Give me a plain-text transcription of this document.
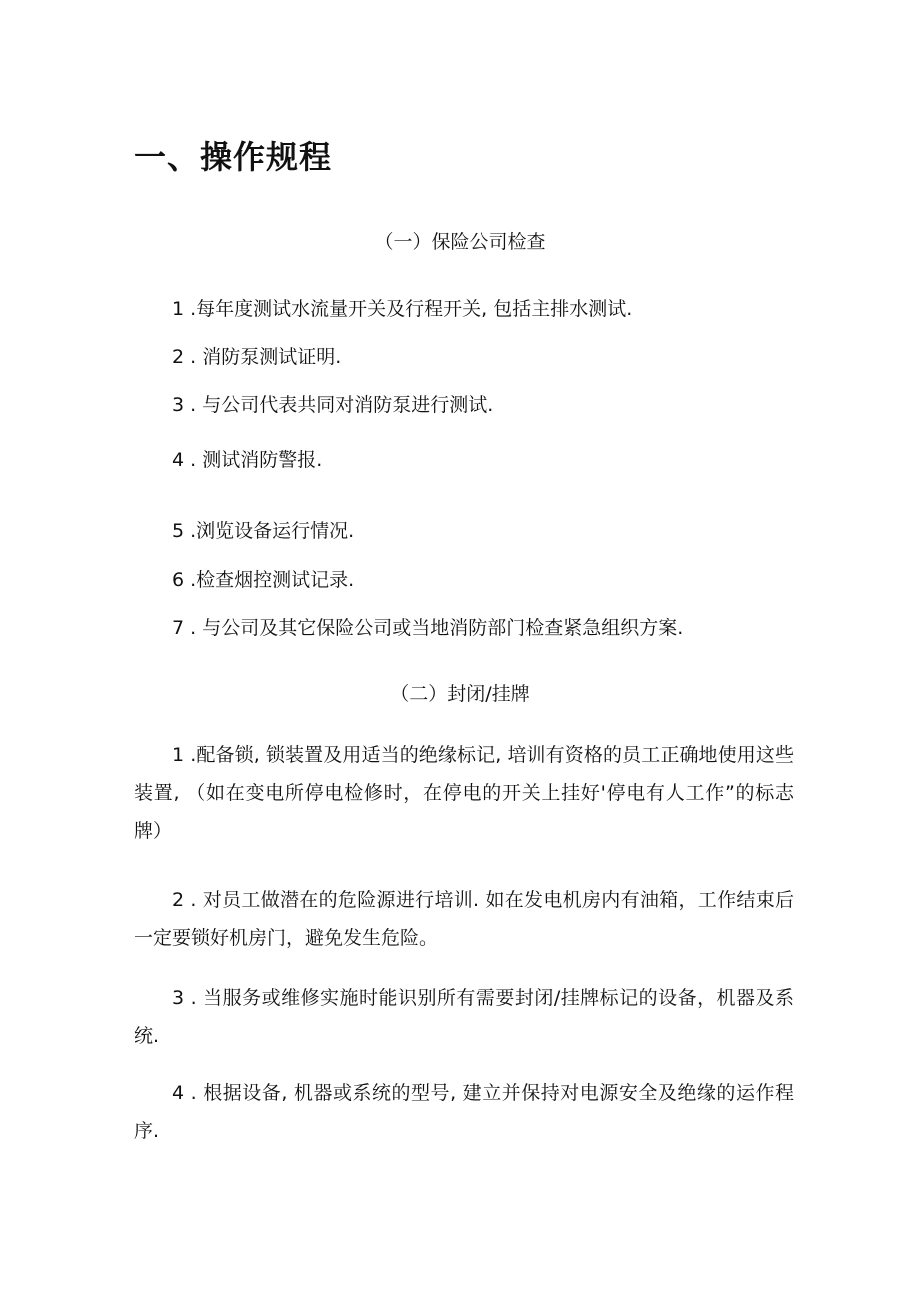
一、操作规程
（一）保险公司检查
1 .每年度测试水流量开关及行程开关, 包括主排水测试.
2 . 消防泵测试证明.
3 . 与公司代表共同对消防泵进行测试.
4 . 测试消防警报.
5 .浏览设备运行情况.
6 .检查烟控测试记录.
7 . 与公司及其它保险公司或当地消防部门检查紧急组织方案.
（二）封闭/挂牌

1 .配备锁, 锁装置及用适当的绝缘标记, 培训有资格的员工正确地使用这些装置, （如在变电所停电检修时，在停电的开关上挂好'停电有人工作”的标志牌）

2 . 对员工做潜在的危险源进行培训. 如在发电机房内有油箱，工作结束后一定要锁好机房门，避免发生危险。

3 . 当服务或维修实施时能识别所有需要封闭/挂牌标记的设备，机器及系统.

4 . 根据设备, 机器或系统的型号, 建立并保持对电源安全及绝缘的运作程序.
